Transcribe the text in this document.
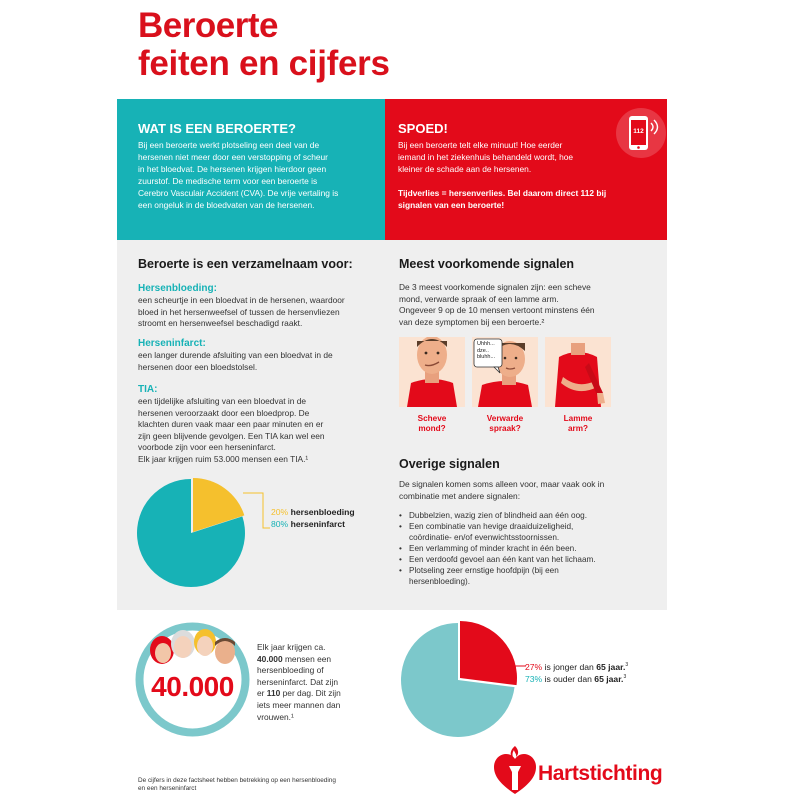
Beroerte
feiten en cijfers

WAT IS EEN BEROERTE?

Bij een beroerte werkt plotseling een deel van de

hersenen niet meer door een verstopping of scheur

in het bloedvat. De hersenen krijgen hierdoor geen

zuurstof. De medische term voor een beroerte is

Cerebro Vasculair Accident (CVA). De vrije vertaling is

een ongeluk in de bloedvaten van de hersenen.

SPOED!

Bij een beroerte telt elke minuut! Hoe eerder

iemand in het ziekenhuis behandeld wordt, hoe

kleiner de schade aan de hersenen.

Tijdverlies = hersenverlies. Bel daarom direct 112 bij

signalen van een beroerte!

112

Beroerte is een verzamelnaam voor:

Hersenbloeding:

een scheurtje in een bloedvat in de hersenen, waardoor

bloed in het hersenweefsel of tussen de hersenvliezen

stroomt en hersenweefsel beschadigd raakt.

Herseninfarct:

een langer durende afsluiting van een bloedvat in de

hersenen door een bloedstolsel.

TIA:

een tijdelijke afsluiting van een bloedvat in de

hersenen veroorzaakt door een bloedprop. De

klachten duren vaak maar een paar minuten en er

zijn geen blijvende gevolgen. Een TIA kan wel een

voorbode zijn voor een herseninfarct.

Elk jaar krijgen ruim 53.000 mensen een TIA.¹

20% hersenbloeding
80% herseninfarct

Meest voorkomende signalen

De 3 meest voorkomende signalen zijn: een scheve

mond, verwarde spraak of een lamme arm.

Ongeveer 9 op de 10 mensen vertoont minstens één

van deze symptomen bij een beroerte.²

Uhhh...
dze..
bluhh...
Scheve
mond?
Verwarde
spraak?
Lamme
arm?

Overige signalen

De signalen komen soms alleen voor, maar vaak ook in

combinatie met andere signalen:

• Dubbelzien, wazig zien of blindheid aan één oog.
• Een combinatie van hevige draaiduizeligheid,
coördinatie- en/of evenwichtsstoornissen.
• Een verlamming of minder kracht in één been.
• Een verdoofd gevoel aan één kant van het lichaam.
• Plotseling zeer ernstige hoofdpijn (bij een
hersenbloeding).
40.000

Elk jaar krijgen ca.

40.000 mensen een

hersenbloeding of

herseninfarct. Dat zijn

er 110 per dag. Dit zijn

iets meer mannen dan

vrouwen.¹

27% is jonger dan 65 jaar.$^3$
73% is ouder dan 65 jaar.$^3$
De cijfers in deze factsheet hebben betrekking op een hersenbloeding
en een herseninfarct
Hartstichting
